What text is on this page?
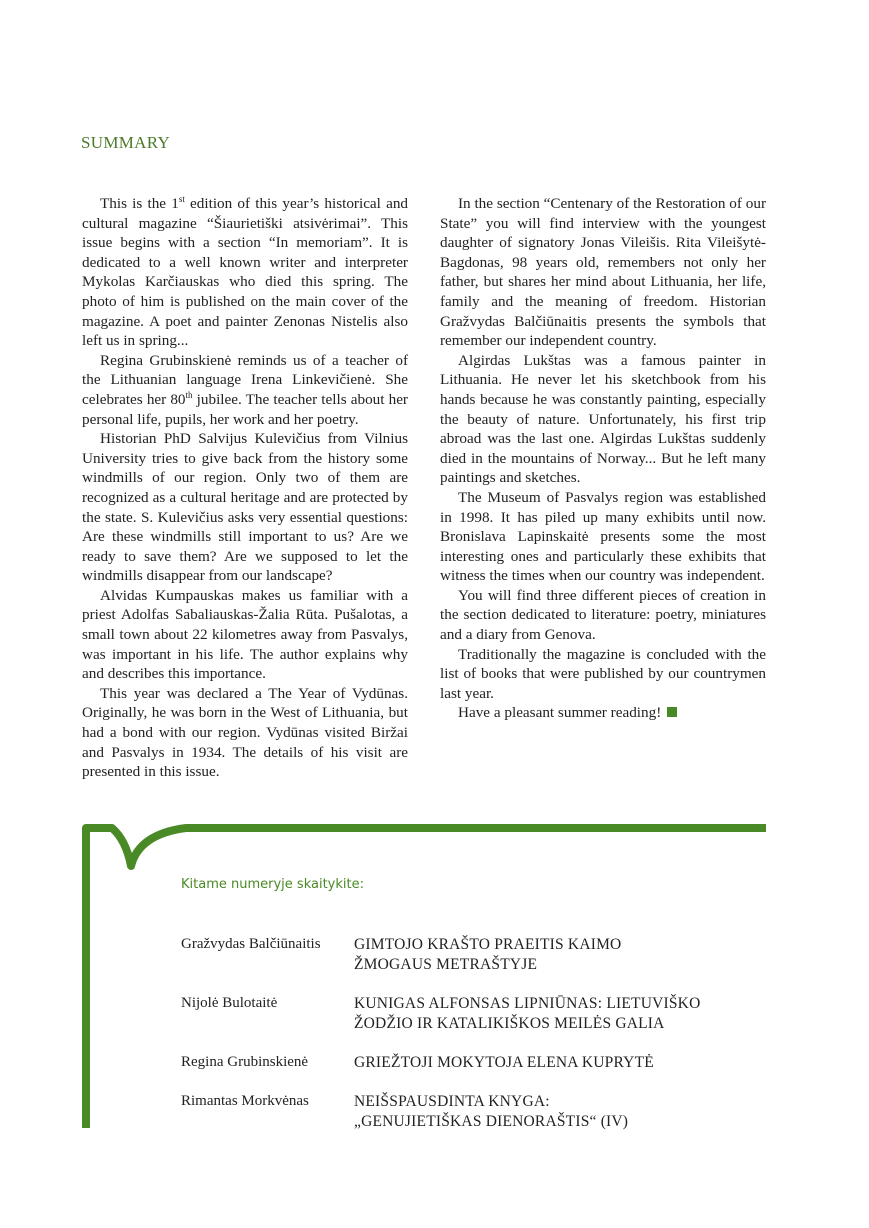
SUMMARY

This is the 1st edition of this year’s historical and cultural magazine “Šiaurietiški atsivėrimai”. This issue begins with a section “In memoriam”. It is dedicated to a well known writer and interpreter Mykolas Karčiauskas who died this spring. The photo of him is published on the main cover of the magazine. A poet and painter Zenonas Nistelis also left us in spring...

Regina Grubinskienė reminds us of a teacher of the Lithuanian language Irena Linkevičienė. She celebrates her 80th jubilee. The teacher tells about her personal life, pupils, her work and her poetry.

Historian PhD Salvijus Kulevičius from Vilnius University tries to give back from the history some windmills of our region. Only two of them are recognized as a cultural heritage and are protected by the state. S. Kulevičius asks very essential questions: Are these windmills still important to us? Are we ready to save them? Are we supposed to let the windmills disappear from our landscape?

Alvidas Kumpauskas makes us familiar with a priest Adolfas Sabaliauskas-Žalia Rūta. Pušalotas, a small town about 22 kilometres away from Pasvalys, was important in his life. The author explains why and describes this importance.

This year was declared a The Year of Vydūnas. Originally, he was born in the West of Lithuania, but had a bond with our region. Vydūnas visited Biržai and Pasvalys in 1934. The details of his visit are presented in this issue.

In the section “Centenary of the Restoration of our State” you will find interview with the youngest daughter of signatory Jonas Vileišis. Rita Vileišytė-Bagdonas, 98 years old, remembers not only her father, but shares her mind about Lithuania, her life, family and the meaning of freedom. Historian Gražvydas Balčiūnaitis presents the symbols that remember our independent country.

Algirdas Lukštas was a famous painter in Lithuania. He never let his sketchbook from his hands because he was constantly painting, especially the beauty of nature. Unfortunately, his first trip abroad was the last one. Algirdas Lukštas suddenly died in the mountains of Norway... But he left many paintings and sketches.

The Museum of Pasvalys region was established in 1998. It has piled up many exhibits until now. Bronislava Lapinskaitė presents some the most interesting ones and particularly these exhibits that witness the times when our country was independent.

You will find three different pieces of creation in the section dedicated to literature: poetry, miniatures and a diary from Genova.

Traditionally the magazine is concluded with the list of books that were published by our countrymen last year.

Have a pleasant summer reading!

Kitame numeryje skaitykite:
Gražvydas Balčiūnaitis	GIMTOJO KRAŠTO PRAEITIS KAIMO
ŽMOGAUS METRAŠTYJE
Nijolė Bulotaitė	KUNIGAS ALFONSAS LIPNIŪNAS: LIETUVIŠKO
ŽODŽIO IR KATALIKIŠKOS MEILĖS GALIA
Regina Grubinskienė	GRIEŽTOJI MOKYTOJA ELENA KUPRYTĖ
Rimantas Morkvėnas	NEIŠSPAUSDINTA KNYGA:
„GENUJIETIŠKAS DIENORAŠTIS“ (IV)
